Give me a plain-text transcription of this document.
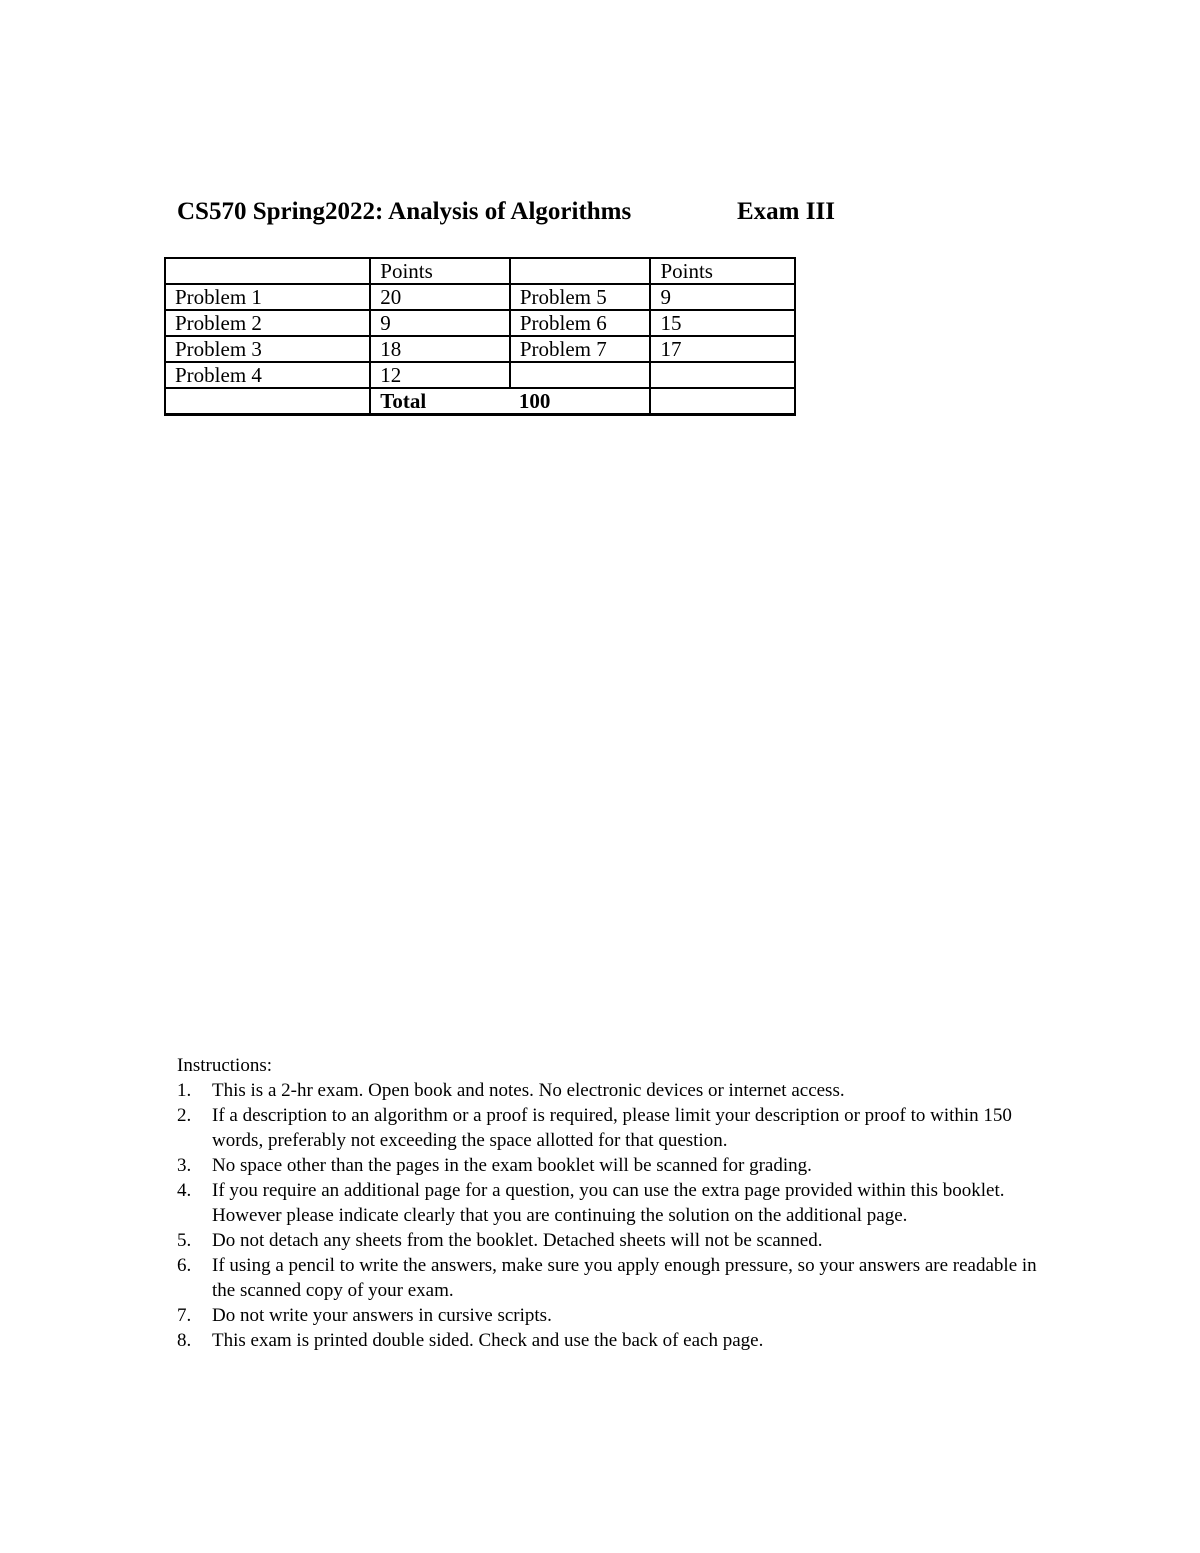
CS570 Spring2022: Analysis of Algorithms	Exam III
	Points		Points
Problem 1	20	Problem 5	9
Problem 2	9	Problem 6	15
Problem 3	18	Problem 7	17
Problem 4	12		
	Total	100	

Instructions:

1. This is a 2-hr exam. Open book and notes. No electronic devices or internet access.
2. If a description to an algorithm or a proof is required, please limit your description or proof to within 150 words, preferably not exceeding the space allotted for that question.
3. No space other than the pages in the exam booklet will be scanned for grading.
4. If you require an additional page for a question, you can use the extra page provided within this booklet. However please indicate clearly that you are continuing the solution on the additional page.
5. Do not detach any sheets from the booklet. Detached sheets will not be scanned.
6. If using a pencil to write the answers, make sure you apply enough pressure, so your answers are readable in the scanned copy of your exam.
7. Do not write your answers in cursive scripts.
8. This exam is printed double sided. Check and use the back of each page.
